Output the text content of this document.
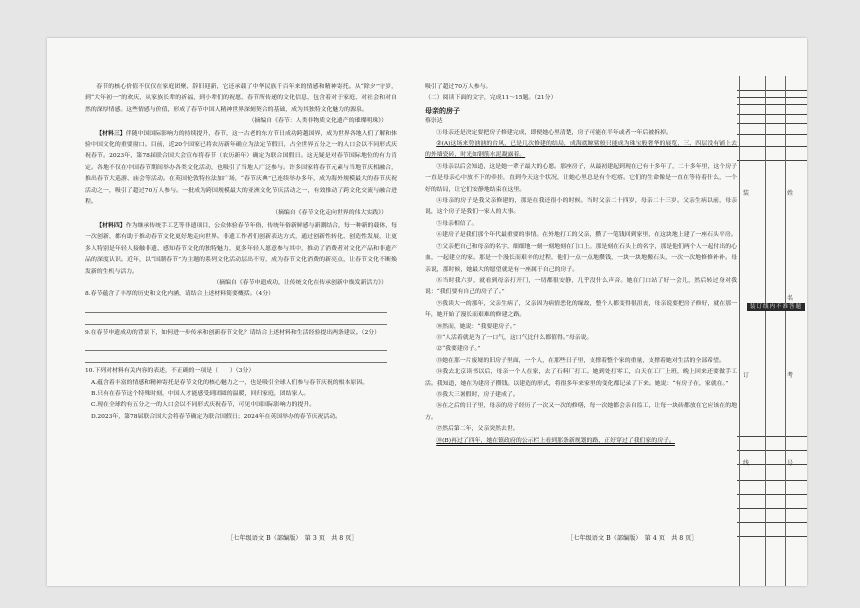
春节的核心价值不仅仅在家庭团聚、辞旧迎新，它还承载了中华民族千百年来的情感和精神寄托。从“除夕”守岁，到“大年初一”的欢庆，从家族长辈的祈福，到小辈们的祝愿，春节所传递的文化信息，包含着对于家庭、对社会和对自然的深厚情感。这些情感与价值，形成了春节中国人精神世界深刻契合的基础，成为其独特文化魅力的源泉。

（摘编自《春节：人类非物质文化遗产的璀璨明珠》）

【材料三】伴随中国国际影响力的持续提升，春节，这一古老的东方节日成功跨越国界，成为世界各地人们了解和体验中国文化的重要窗口。目前，近20个国家已将农历新年确立为法定节假日，占全世界五分之一的人口会以不同形式庆祝春节。2023年，第78届联合国大会宣布将春节（农历新年）确定为联合国假日。这无疑是对春节国际地位的有力肯定。各地不仅在中国春节期间举办各类文化活动，也吸引了当地人广泛参与。许多国家将春节元素与当地节庆相融合，推出春节大巡游、庙会等活动。在英国伦敦特拉法加广场，“春节庆典”已连续举办多年，成为海外规模最大的春节庆祝活动之一，吸引了超过70万人参与。一批成为跨国规模最大的亚洲文化节庆活动之一，有效推动了跨文化交流与融合进程。

（摘编自《春节文化走向世界的伟大实践》）

【材料四】作为继承传统手工艺等非遗项目，公众体验春节年俗，传统年俗新鲜感与新潮结合，每一种新的载体，每一次创新，都有助于推动春节文化更好地走向世界。非遗工作者们创新表达方式，通过创新性转化、创造性发展，让更多人特别是年轻人接触非遗、感知春节文化的独特魅力，更多年轻人愿意参与其中，推动了消费者对文化产品和非遗产品的深度认识。近年，以“国潮春节”为主题的系列文化活动层出不穷，成为春节文化消费的新亮点，让春节文化不断焕发新的生机与活力。

（摘编自《春节申遗成功，让传统文化在传承创新中焕发新活力》）

8.春节蕴含了丰厚的历史和文化内涵，请结合上述材料简要概括。（4分）

9.在春节申遗成功的背景下，如何进一步传承和创新春节文化？请结合上述材料和生活经验提出两条建议。（2分）

10.下列对材料有关内容的表述，不正确的一项是（　　）（3分）

A.蕴含着丰富的情感和精神寄托是春节文化的核心魅力之一，也是吸引全球人们参与春节庆祝的根本原因。

B.只有在春节这个特殊时刻，中国人才能感受到团圆的温暖，回归家庭，团结家人。

C.现在全球约有五分之一的人口会以不同形式庆祝春节，可见中国国际影响力的提升。

D.2023年，第78届联合国大会将春节确定为联合国假日；2024年在英国举办的春节庆祝活动。

吸引了超过70万人参与。

（二）阅读下面的文字，完成11～15题。（21分）

母亲的房子

蔡崇达

①母亲还是决定要把房子修建完成，即便她心里清楚，房子可能在半年或者一年后被拆掉。

②(A)这场来势汹汹的台风，已是几次修建的结局，成海底鲸鲨般只能成为珠宝般奢华的展览，三、四层没有铺上去的外墙瓷砖，时光如钢筋水泥凝露着。

③母亲以后会知道，这是她一辈子最大的心愿。那座房子，从最初建起到现在已有十多年了，二十多年里，这个房子一直是母亲心中放不下的牵挂，直到今天这个状况，让她心里总是有个疙瘩。它们的生命像是一直在等待着什么，一个好的结局，让它们安静地结束在这里。

④母亲的房子是我父亲修建的，那是在我还很小的时候。当时父亲二十四岁，母亲二十三岁。父亲生病以前，母亲说，这个房子是我们一家人的大事。

⑤母亲相信了。

⑥建房子是我们那个年代最重要的事情。在外地打工的父亲，攒了一笔钱回到家里，在这块地上建了一座石头平房。

⑦父亲把自己和母亲的名字，细细地一刻一刻地刻在门口上。那是刻在石头上的名字，那是他们两个人一起付出的心血，一起建立的家。那是一个漫长而艰辛的过程，他们一点一点地攒钱，一块一块地搬石头，一次一次地修修补补。母亲说，那时候，她最大的愿望就是有一座属于自己的房子。

⑧当时我六岁，就看到母亲打开门，一切都很安静，几乎没什么声音。她在门口站了好一会儿，然后转过身对我说：“我们要有自己的房子了。”

⑨我读大一的那年，父亲生病了，父亲因为病情恶化的缘故，整个人都变得很沮丧，母亲说要把房子修好，就在那一年，她开始了漫长而艰难的修建之路。

⑩然而，她说：“我要建房子。”

⑪“人活着就是为了一口气，这口气比什么都值得。”母亲说。

⑫“我要建房子。”

⑬她在那一片废墟的旧房子里面，一个人，在那些日子里，支撑着整个家的重量，支撑着她对生活的全部希望。

⑭我去北京读书以后，母亲一个人在家，去了石料厂打工。她到处打零工，白天在工厂上班，晚上回来还要做手工活。我知道，她在为建房子攒钱。以建造的形式，将很多年来家里的变化都记录了下来。她说：“有房子在，家就在。”

⑮我大三暑假时，房子建成了。

⑯在之后的日子里，母亲的房子经历了一次又一次的修缮，每一次她都会亲自监工，让每一块砖都放在它应该在的地方。

⑰然后第二年，父亲突然去世。

⑱(B)再过了四年，她在镇政府的公示栏上看到那条新规划的路，正好穿过了我们家的房子。

［七年级语文 B（部编版）　第 3 页　共 8 页］	［七年级语文 B（部编版）　第 4 页　共 8 页］
装订线内不准答题
装
订
线
姓
名
考
号
